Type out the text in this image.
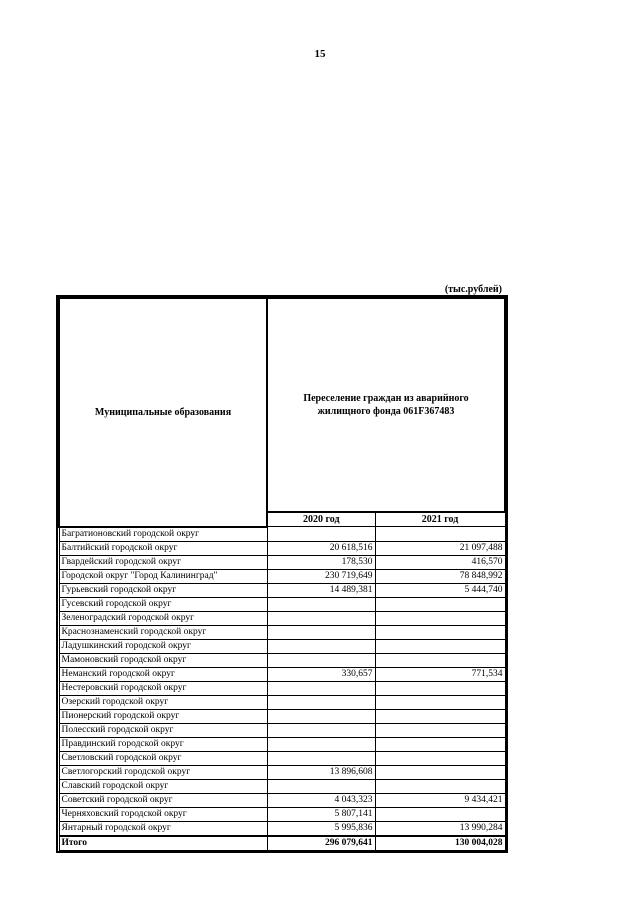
15
(тыс.рублей)
Муниципальные образования	Переселение граждан из аварийного жилищного фонда 061F367483	
	2020 год	2021 год
Багратионовский городской округ		
Балтийский городской округ	20 618,516	21 097,488
Гвардейский городской округ	178,530	416,570
Городской округ "Город Калининград"	230 719,649	78 848,992
Гурьевский городской округ	14 489,381	5 444,740
Гусевский городской округ		
Зеленоградский городской округ		
Краснознаменский городской округ		
Ладушкинский городской округ		
Мамоновский городской округ		
Неманский городской округ	330,657	771,534
Нестеровский городской округ		
Озерский городской округ		
Пионерский городской округ		
Полесский городской округ		
Правдинский городской округ		
Светловский городской округ		
Светлогорский городской округ	13 896,608	
Славский городской округ		
Советский городской округ	4 043,323	9 434,421
Черняховский городской округ	5 807,141	
Янтарный городской округ	5 995,836	13 990,284
Итого	296 079,641	130 004,028
